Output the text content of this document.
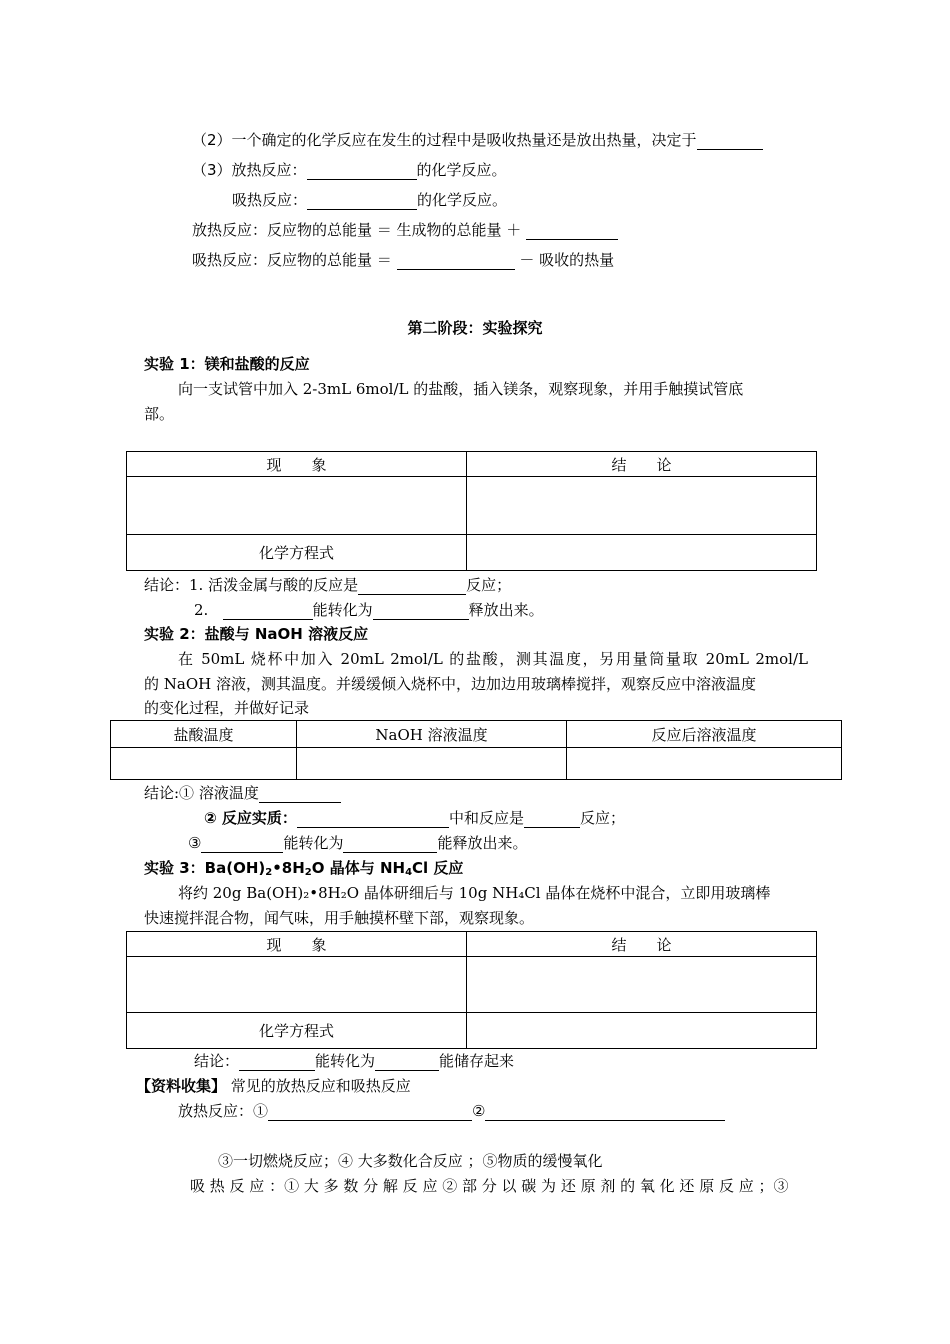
（2）一个确定的化学反应在发生的过程中是吸收热量还是放出热量，决定于
（3）放热反应：	的化学反应。
吸热反应：	的化学反应。
放热反应：反应物的总能量 ＝ 生成物的总能量 ＋
吸热反应：反应物的总能量 ＝	－ 吸收的热量
第二阶段：实验探究
实验 1：镁和盐酸的反应
向一支试管中加入 2-3mL 6mol/L 的盐酸，插入镁条，观察现象，并用手触摸试管底
部。
现　　象	结　　论

化学方程式	
结论：1. 活泼金属与酸的反应是	反应；
2.	能转化为	释放出来。
实验 2：盐酸与 NaOH 溶液反应
在 50mL 烧杯中加入 20mL 2mol/L 的盐酸，测其温度，另用量筒量取 20mL 2mol/L
的 NaOH 溶液，测其温度。并缓缓倾入烧杯中，边加边用玻璃棒搅拌，观察反应中溶液温度
的变化过程，并做好记录
盐酸温度	NaOH 溶液温度	反应后溶液温度

结论:① 溶液温度
② 反应实质：	中和反应是	反应；
③	能转化为	能释放出来。
实验 3：$Ba(OH)_2•8H_2O$ 晶体与 $NH_4Cl$ 反应
将约 20g Ba(OH)₂•8H₂O 晶体研细后与 10g NH₄Cl 晶体在烧杯中混合，立即用玻璃棒
快速搅拌混合物，闻气味，用手触摸杯壁下部，观察现象。
现　　象	结　　论

化学方程式	
结论：	能转化为	能储存起来
【资料收集】 常见的放热反应和吸热反应
放热反应：①	②
③一切燃烧反应；④ 大多数化合反应 ；⑤物质的缓慢氧化
吸 热 反 应 ：① 大 多 数 分 解 反 应 ② 部 分 以 碳 为 还 原 剂 的 氧 化 还 原 反 应 ；③
